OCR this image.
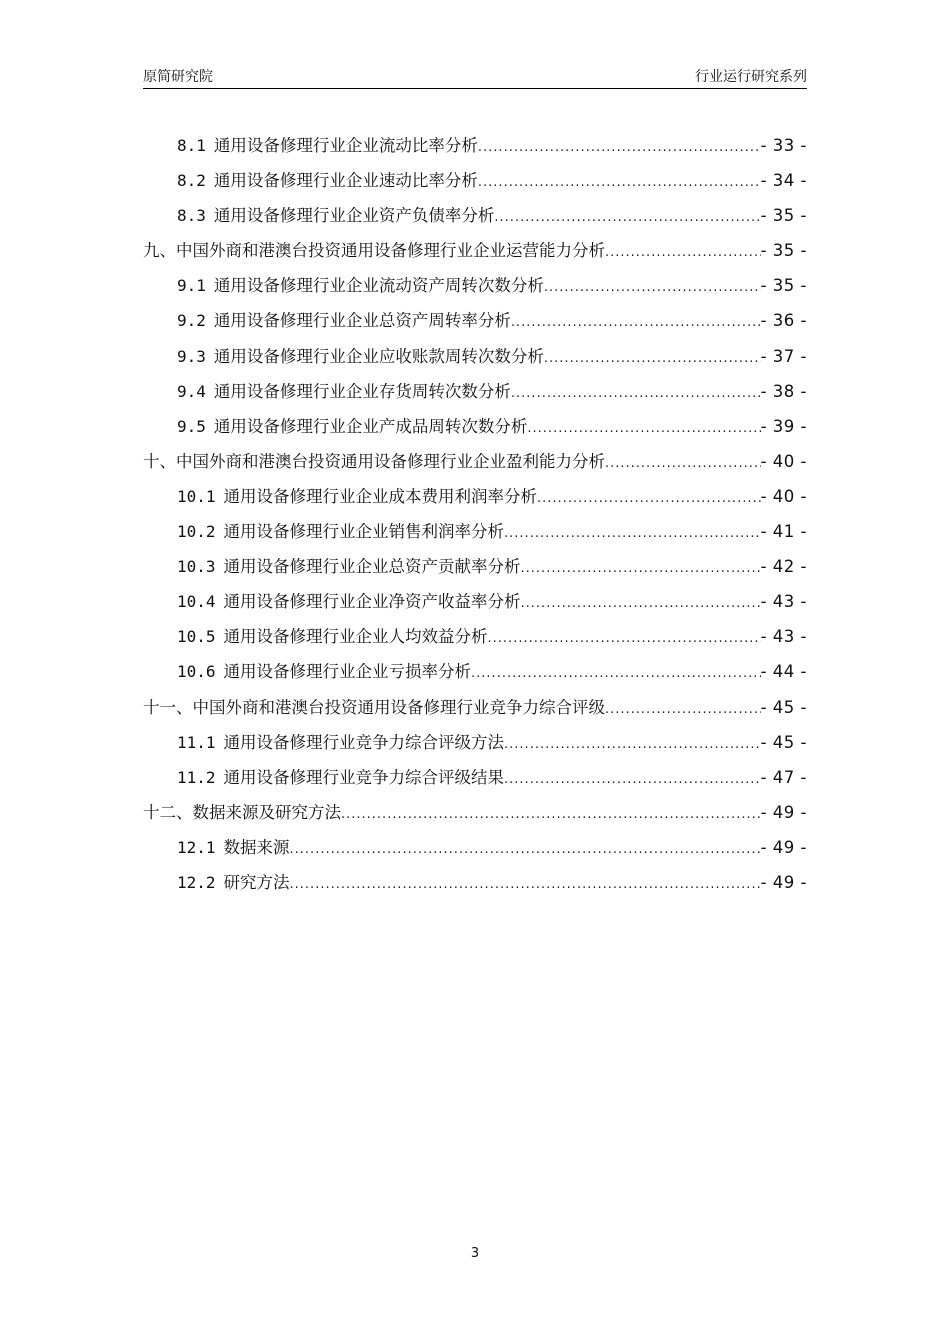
原简研究院	行业运行研究系列
8.1 通用设备修理行业企业流动比率分析 .....	- 33 -
8.2 通用设备修理行业企业速动比率分析 .....	- 34 -
8.3 通用设备修理行业企业资产负债率分析 .....	- 35 -
九、中国外商和港澳台投资通用设备修理行业企业运营能力分析 .....	- 35 -
9.1 通用设备修理行业企业流动资产周转次数分析 .....	- 35 -
9.2 通用设备修理行业企业总资产周转率分析 .....	- 36 -
9.3 通用设备修理行业企业应收账款周转次数分析 .....	- 37 -
9.4 通用设备修理行业企业存货周转次数分析 .....	- 38 -
9.5 通用设备修理行业企业产成品周转次数分析 .....	- 39 -
十、中国外商和港澳台投资通用设备修理行业企业盈利能力分析 .....	- 40 -
10.1 通用设备修理行业企业成本费用利润率分析 .....	- 40 -
10.2 通用设备修理行业企业销售利润率分析 .....	- 41 -
10.3 通用设备修理行业企业总资产贡献率分析 .....	- 42 -
10.4 通用设备修理行业企业净资产收益率分析 .....	- 43 -
10.5 通用设备修理行业企业人均效益分析 .....	- 43 -
10.6 通用设备修理行业企业亏损率分析 .....	- 44 -
十一、中国外商和港澳台投资通用设备修理行业竞争力综合评级 .....	- 45 -
11.1 通用设备修理行业竞争力综合评级方法 .....	- 45 -
11.2 通用设备修理行业竞争力综合评级结果 .....	- 47 -
十二、数据来源及研究方法 .....	- 49 -
12.1 数据来源 .....	- 49 -
12.2 研究方法 .....	- 49 -
3
